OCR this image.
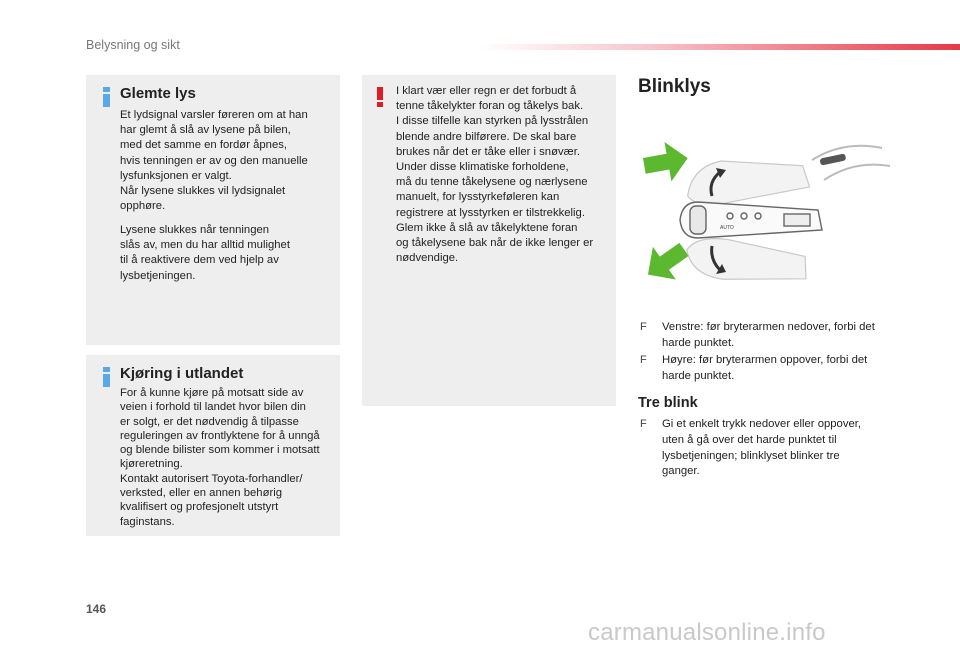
Belysning og sikt
Glemte lys
Et lydsignal varsler føreren om at han
har glemt å slå av lysene på bilen,
med det samme en fordør åpnes,
hvis tenningen er av og den manuelle
lysfunksjonen er valgt.
Når lysene slukkes vil lydsignalet
opphøre.
Lysene slukkes når tenningen
slås av, men du har alltid mulighet
til å reaktivere dem ved hjelp av
lysbetjeningen.
Kjøring i utlandet
For å kunne kjøre på motsatt side av
veien i forhold til landet hvor bilen din
er solgt, er det nødvendig å tilpasse
reguleringen av frontlyktene for å unngå
og blende bilister som kommer i motsatt
kjøreretning.
Kontakt autorisert Toyota-forhandler/
verksted, eller en annen behørig
kvalifisert og profesjonelt utstyrt
faginstans.
I klart vær eller regn er det forbudt å
tenne tåkelykter foran og tåkelys bak.
I disse tilfelle kan styrken på lysstrålen
blende andre bilførere. De skal bare
brukes når det er tåke eller i snøvær.
Under disse klimatiske forholdene,
må du tenne tåkelysene og nærlysene
manuelt, for lysstyrkeføleren kan
registrere at lysstyrken er tilstrekkelig.
Glem ikke å slå av tåkelyktene foran
og tåkelysene bak når de ikke lenger er
nødvendige.
Blinklys
AUTO
F Venstre: før bryterarmen nedover, forbi det
harde punktet.
F Høyre: før bryterarmen oppover, forbi det
harde punktet.
Tre blink
F Gi et enkelt trykk nedover eller oppover,
uten å gå over det harde punktet til
lysbetjeningen; blinklyset blinker tre
ganger.
146
carmanualsonline.info
